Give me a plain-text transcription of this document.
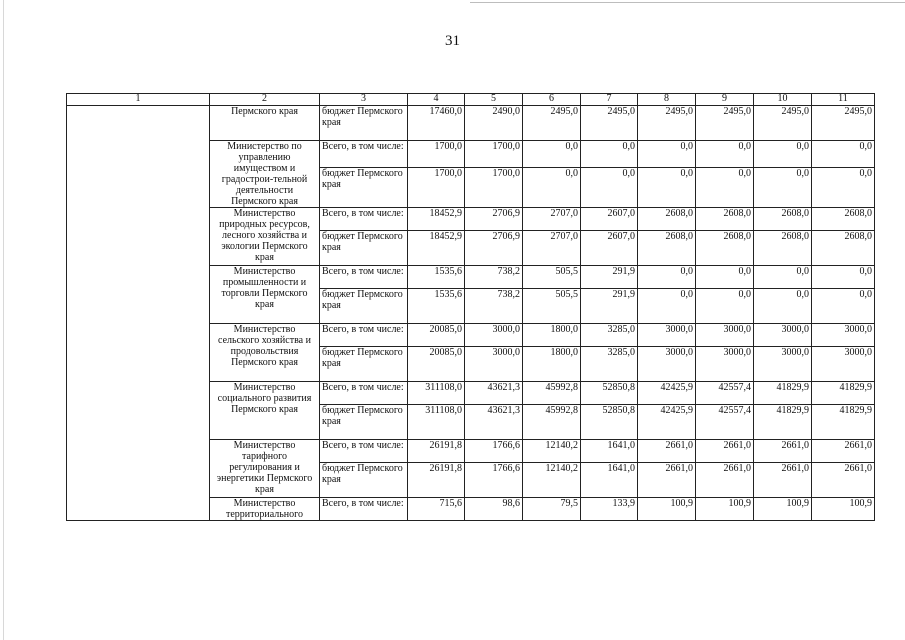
31
1	2	3	4	5	6	7	8	9	10	11
	Пермского края	бюджет Пермского края	17460,0	2490,0	2495,0	2495,0	2495,0	2495,0	2495,0	2495,0
	Министерство по управлению имуществом и градострои-тельной деятельности Пермского края	Всего, в том числе:	1700,0	1700,0	0,0	0,0	0,0	0,0	0,0	0,0
		бюджет Пермского края	1700,0	1700,0	0,0	0,0	0,0	0,0	0,0	0,0
	Министерство природных ресурсов, лесного хозяйства и экологии Пермского края	Всего, в том числе:	18452,9	2706,9	2707,0	2607,0	2608,0	2608,0	2608,0	2608,0
		бюджет Пермского края	18452,9	2706,9	2707,0	2607,0	2608,0	2608,0	2608,0	2608,0
	Министерство промышленности и торговли Пермского края	Всего, в том числе:	1535,6	738,2	505,5	291,9	0,0	0,0	0,0	0,0
		бюджет Пермского края	1535,6	738,2	505,5	291,9	0,0	0,0	0,0	0,0
	Министерство сельского хозяйства и продовольствия Пермского края	Всего, в том числе:	20085,0	3000,0	1800,0	3285,0	3000,0	3000,0	3000,0	3000,0
		бюджет Пермского края	20085,0	3000,0	1800,0	3285,0	3000,0	3000,0	3000,0	3000,0
	Министерство социального развития Пермского края	Всего, в том числе:	311108,0	43621,3	45992,8	52850,8	42425,9	42557,4	41829,9	41829,9
		бюджет Пермского края	311108,0	43621,3	45992,8	52850,8	42425,9	42557,4	41829,9	41829,9
	Министерство тарифного регулирования и энергетики Пермского края	Всего, в том числе:	26191,8	1766,6	12140,2	1641,0	2661,0	2661,0	2661,0	2661,0
		бюджет Пермского края	26191,8	1766,6	12140,2	1641,0	2661,0	2661,0	2661,0	2661,0
	Министерство территориального	Всего, в том числе:	715,6	98,6	79,5	133,9	100,9	100,9	100,9	100,9
